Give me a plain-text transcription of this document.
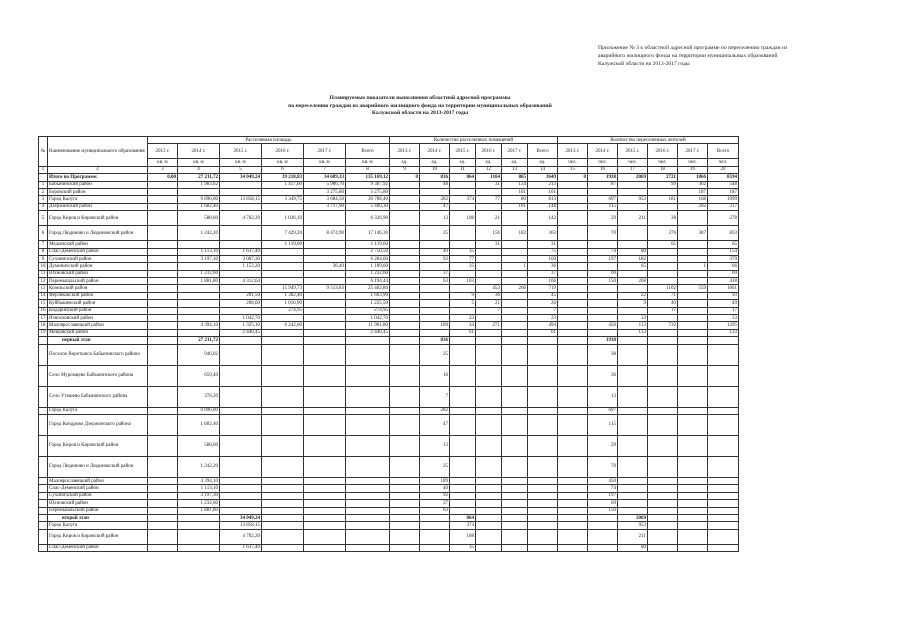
Приложение № 3 к областной адресной программе по переселению граждан из
аварийного жилищного фонда на территории муниципальных образований
Калужской области на 2013-2017 годы
Планируемые показатели выполнения областной адресной программы
по переселению граждан из аварийного жилищного фонда на территории муниципальных образований
Калужской области на 2013-2017 годы
№	Наименование муниципального образования	Расселяемая площадь						Количество расселенных помещений						Количество переселенных жителей					
		2013 г.	2014 г.	2015 г.	2016 г.	2017 г.	Всего	2013 г.	2014 г.	2015 г.	2016 г.	2017 г.	Всего	2013 г.	2014 г.	2015 г.	2016 г.	2017 г.	Всего
		кв. м	кв. м	кв. м	кв. м	кв. м	кв. м	ед.	ед.	ед.	ед.	ед.	ед.	чел.	чел.	чел.	чел.	чел.	чел.
1	2	3	4	5	6	7	8	9	10	11	12	13	14	15	16	17	18	19	20
	Итого по Программе:	0,00	27 211,72	34 049,24	39 218,83	34 689,33	135 169,12	0	836	864	1104	865	3649	0	1938	2069	2721	1866	8594
1	Бабынинский район		1 983,62		1 417,60	5 986,70	9 387,92		48		31	134	213		87		99	362	548
2	Боровский район					3 275,80	3 275,80					101	101					187	187
3	Город Калуга		9 896,00	13 858,15	3 349,75	3 684,50	30 788,40		282	374	77	80	813		697	953	181	168	1999
4	Дзержинский район		1 682,40			3 717,90	5 400,30		47			101	148		115			202	317
5	Город Киров и Кировский район		588,60	4 702,20	1 036,10		6 326,90		13	108	21		142		29	211	38		278
6	Город Людиново и Людиновский район		1 242,20		7 429,20	8 474,90	17 146,30		25		156	182	363		70		376	387	833
7	Медынский район				1 119,60		1 119,60				31		31				65		65
8	Спас-Деменский район		1 113,10	1 637,40			2 750,50		40	35			75		74	80			154
9	Сухиничский район		3 197,30	3 087,30			6 284,60		92	77			169		197	182			379
10	Думиничский район			1 153,20		36,40	1 189,60			35		1	36			65		1	66
11	Юхновский район		1 232,60				1 232,60		37				37		69				69
12	Перемышльский район		1 881,80	4 312,64			6 194,44		63	103			166		150	268			418
13	Козельский район				15 949,73	9 513,83	25 462,86				453	266	719				1102	559	1661
14	Ферзиковский район			281,50	1 382,40		1 663,90			9	36		45			22	71		93
15	Куйбышевский район			208,60	1 016,90		1 225,50			5	21		26			9	40		49
16	Кидаринский район				274,95		274,95				7		7				17		17
17	Износковский район			1 042,70			1 042,70			23			23			33			33
18	Малоярославецкий район		4 394,10	1 325,10	6 242,60		11 961,80		189	34	271		494		450	113	732		1295
19	Мещовский район			2 440,45			2 440,45			61			61			133			133
	первый этап		27 211,72						836						1938				
	Поселок Воротынск Бабынинского района		946,02						25						38				
	Село Муромцево Бабынинского района		659,40						16						36				
	Село Утешево Бабынинского района		378,20						7						13				
	Город Калуга		9 896,00						282						697				
	Город Кондрово Дзержинского района		1 682,40						47						115				
	Город Киров и Кировский район		588,60						13						29				
	Город Людиново и Людиновский район		1 242,20						25						70				
	Малоярославецкий район		4 394,10						189						450				
	Спас-Деменский район		1 113,10						40						74				
	Сухиничский район		3 197,30						92						197				
	Юхновский район		1 232,60						37						69				
	Перемышльский район		1 881,80						63						150				
	второй этап			34 049,24						864						2069			
	Город Калуга			13 858,15						374						953			
	Город Киров и Кировский район			4 702,20						108						211			
	Спас-Деменский район			1 637,40						35						80			
